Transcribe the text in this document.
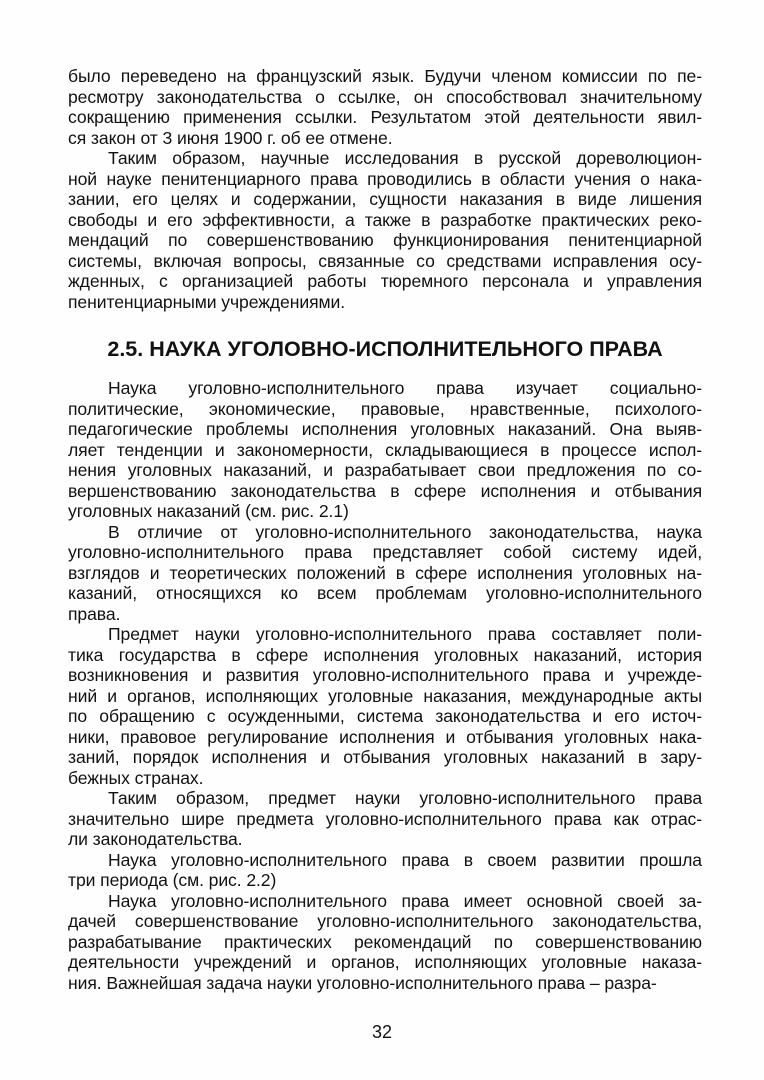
было переведено на французский язык. Будучи членом комиссии по пе-
ресмотру законодательства о ссылке, он способствовал значительному
сокращению применения ссылки. Результатом этой деятельности явил-
ся закон от 3 июня 1900 г. об ее отмене.
Таким образом, научные исследования в русской дореволюцион-
ной науке пенитенциарного права проводились в области учения о нака-
зании, его целях и содержании, сущности наказания в виде лишения
свободы и его эффективности, а также в разработке практических реко-
мендаций по совершенствованию функционирования пенитенциарной
системы, включая вопросы, связанные со средствами исправления осу-
жденных, с организацией работы тюремного персонала и управления
пенитенциарными учреждениями.
2.5. НАУКА УГОЛОВНО-ИСПОЛНИТЕЛЬНОГО ПРАВА
Наука уголовно-исполнительного права изучает социально-
политические, экономические, правовые, нравственные, психолого-
педагогические проблемы исполнения уголовных наказаний. Она выяв-
ляет тенденции и закономерности, складывающиеся в процессе испол-
нения уголовных наказаний, и разрабатывает свои предложения по со-
вершенствованию законодательства в сфере исполнения и отбывания
уголовных наказаний (см. рис. 2.1)
В отличие от уголовно-исполнительного законодательства, наука
уголовно-исполнительного права представляет собой систему идей,
взглядов и теоретических положений в сфере исполнения уголовных на-
казаний, относящихся ко всем проблемам уголовно-исполнительного
права.
Предмет науки уголовно-исполнительного права составляет поли-
тика государства в сфере исполнения уголовных наказаний, история
возникновения и развития уголовно-исполнительного права и учрежде-
ний и органов, исполняющих уголовные наказания, международные акты
по обращению с осужденными, система законодательства и его источ-
ники, правовое регулирование исполнения и отбывания уголовных нака-
заний, порядок исполнения и отбывания уголовных наказаний в зару-
бежных странах.
Таким образом, предмет науки уголовно-исполнительного права
значительно шире предмета уголовно-исполнительного права как отрас-
ли законодательства.
Наука уголовно-исполнительного права в своем развитии прошла
три периода (см. рис. 2.2)
Наука уголовно-исполнительного права имеет основной своей за-
дачей совершенствование уголовно-исполнительного законодательства,
разрабатывание практических рекомендаций по совершенствованию
деятельности учреждений и органов, исполняющих уголовные наказа-
ния. Важнейшая задача науки уголовно-исполнительного права – разра-
32
